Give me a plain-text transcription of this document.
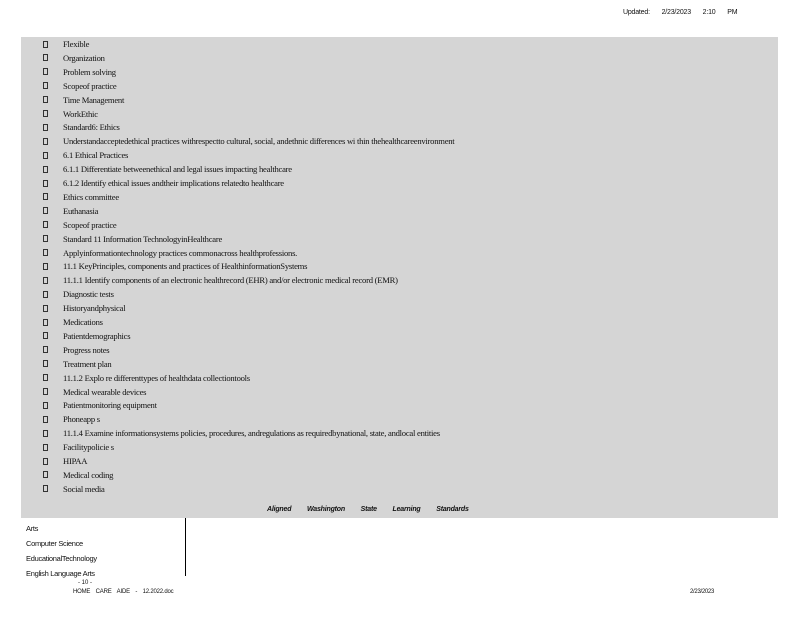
Updated: 2/23/2023 2:10 PM
Flexible
Organization
Problem solving
Scopeof practice
Time Management
WorkEthic
Standard6: Ethics
Understandacceptedethical practices withrespectto cultural, social, andethnic differences wi thin thehealthcareenvironment
6.1 Ethical Practices
6.1.1 Differentiate betweenethical and legal issues impacting healthcare
6.1.2 Identify ethical issues andtheir implications relatedto healthcare
Ethics committee
Euthanasia
Scopeof practice
Standard 11 Information TechnologyinHealthcare
Applyinformationtechnology practices commonacross healthprofessions.
11.1 KeyPrinciples, components and practices of HealthinformationSystems
11.1.1 Identify components of an electronic healthrecord (EHR) and/or electronic medical record (EMR)
Diagnostic tests
Historyandphysical
Medications
Patientdemographics
Progress notes
Treatment plan
11.1.2 Explo re differenttypes of healthdata collectiontools
Medical wearable devices
Patientmonitoring equipment
Phoneapp s
11.1.4 Examine informationsystems policies, procedures, andregulations as requiredbynational, state, andlocal entities
Facilitypolicie s
HIPAA
Medical coding
Social media
Aligned Washington State Learning Standards
Arts
Computer Science
EducationalTechnology
English Language Arts
- 10 -
HOME CARE AIDE - 12.2022.doc	2/23/2023
